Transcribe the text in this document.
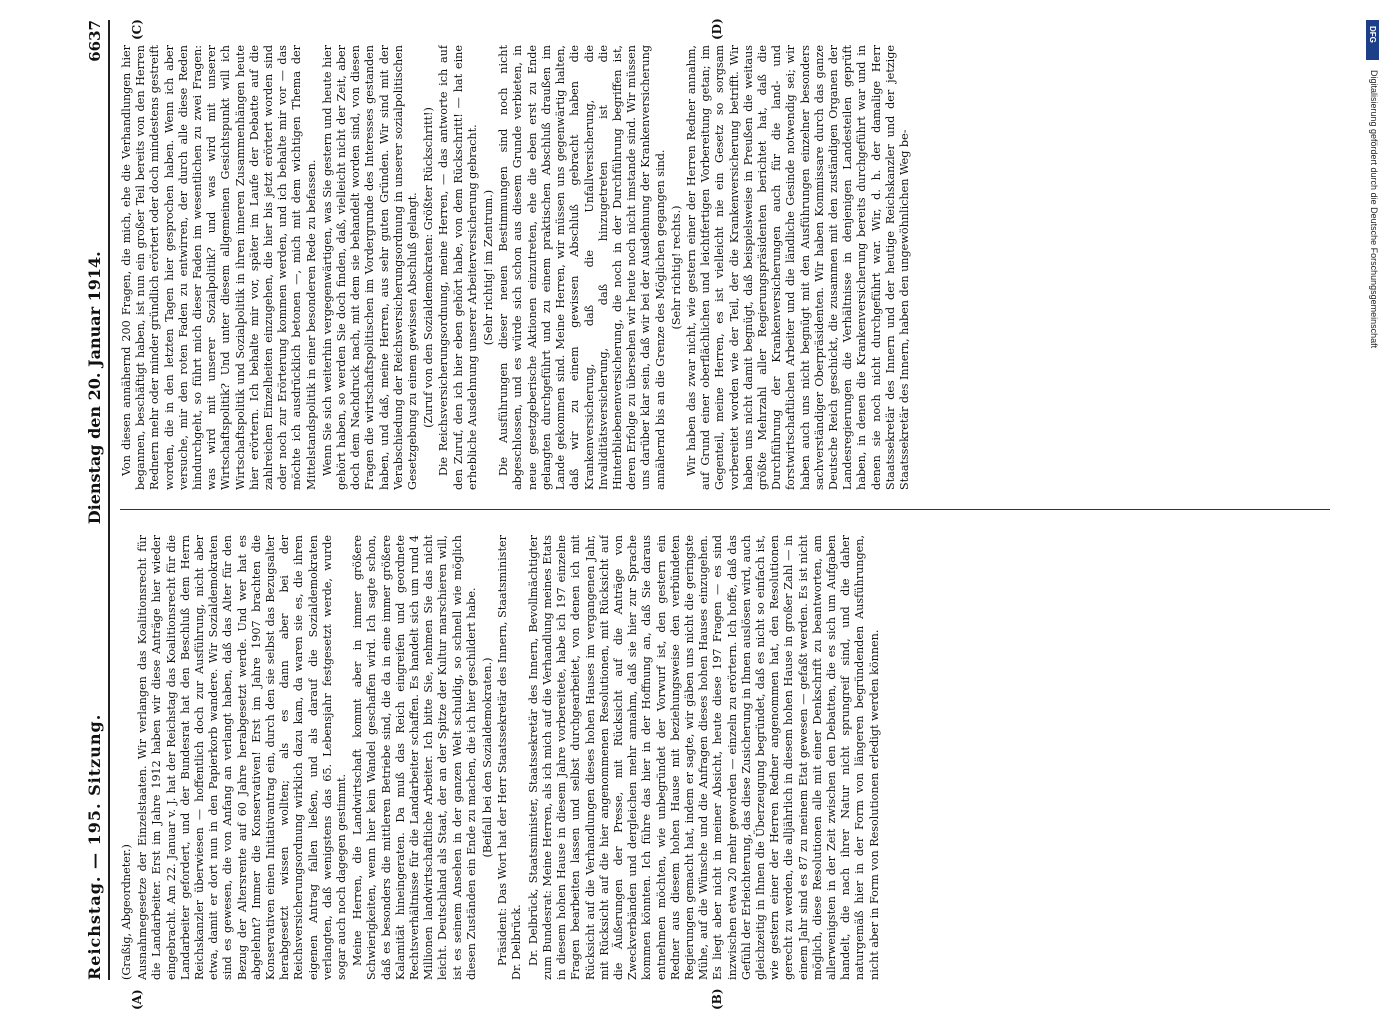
Reichstag. — 195. Sitzung.
Dienstag den 20. Januar 1914.
6637
(A)	(B)
(C)	(D)

(Graßig, Abgeordneter.) Ausnahmegesetze der Einzelstaaten. Wir verlangen das Koalitionsrecht für die Landarbeiter. Erst im Jahre 1912 haben wir diese Anträge hier wieder eingebracht. Am 22. Januar v. J. hat der Reichstag das Koalitionsrecht für die Landarbeiter gefordert, und der Bundesrat hat den Beschluß dem Herrn Reichskanzler überwiesen — hoffentlich doch zur Ausführung, nicht aber etwa, damit er dort nun in den Papierkorb wandere. Wir Sozialdemokraten sind es gewesen, die von Anfang an verlangt haben, daß das Alter für den Bezug der Altersrente auf 60 Jahre herabgesetzt werde. Und wer hat es abgelehnt? Immer die Konservativen! Erst im Jahre 1907 brachten die Konservativen einen Initiativantrag ein, durch den sie selbst das Bezugsalter herabgesetzt wissen wollten; als es dann aber bei der Reichsversicherungsordnung wirklich dazu kam, da waren sie es, die ihren eigenen Antrag fallen ließen, und als darauf die Sozialdemokraten verlangten, daß wenigstens das 65. Lebensjahr festgesetzt werde, wurde sogar auch noch dagegen gestimmt. Meine Herren, die Landwirtschaft kommt aber in immer größere Schwierigkeiten, wenn hier kein Wandel geschaffen wird. Ich sagte schon, daß es besonders die mittleren Betriebe sind, die da in eine immer größere Kalamität hineingeraten. Da muß das Reich eingreifen und geordnete Rechtsverhältnisse für die Landarbeiter schaffen. Es handelt sich um rund 4 Millionen landwirtschaftliche Arbeiter. Ich bitte Sie, nehmen Sie das nicht leicht. Deutschland als Staat, der an der Spitze der Kultur marschieren will, ist es seinem Ansehen in der ganzen Welt schuldig, so schnell wie möglich diesen Zuständen ein Ende zu machen, die ich hier geschildert habe. (Beifall bei den Sozialdemokraten.) Präsident: Das Wort hat der Herr Staatssekretär des Innern, Staatsminister Dr. Delbrück. Dr. Delbrück, Staatsminister, Staatssekretär des Innern, Bevollmächtigter zum Bundesrat: Meine Herren, als ich mich auf die Verhandlung meines Etats in diesem hohen Hause in diesem Jahre vorbereitete, habe ich 197 einzelne Fragen bearbeiten lassen und selbst durchgearbeitet, von denen ich mit Rücksicht auf die Verhandlungen dieses hohen Hauses im vergangenen Jahr, mit Rücksicht auf die hier angenommenen Resolutionen, mit Rücksicht auf die Äußerungen der Presse, mit Rücksicht auf die Anträge von Zweckverbänden und dergleichen mehr annahm, daß sie hier zur Sprache kommen könnten. Ich führe das hier in der Hoffnung an, daß Sie daraus entnehmen möchten, wie unbegründet der Vorwurf ist, den gestern ein Redner aus diesem hohen Hause mit beziehungsweise den verbündeten Regierungen gemacht hat, indem er sagte, wir gäben uns nicht die geringste Mühe, auf die Wünsche und die Anfragen dieses hohen Hauses einzugehen. Es liegt aber nicht in meiner Absicht, heute diese 197 Fragen — es sind inzwischen etwa 20 mehr geworden — einzeln zu erörtern. Ich hoffe, daß das Gefühl der Erleichterung, das diese Zusicherung in Ihnen auslösen wird, auch gleichzeitig in Ihnen die Überzeugung begründet, daß es nicht so einfach ist, wie gestern einer der Herren Redner angenommen hat, den Resolutionen gerecht zu werden, die alljährlich in diesem hohen Hause in großer Zahl — in einem Jahr sind es 87 zu meinem Etat gewesen — gefaßt werden. Es ist nicht möglich, diese Resolutionen alle mit einer Denkschrift zu beantworten, am allerwenigsten in der Zeit zwischen den Debatten, die es sich um Aufgaben handelt, die nach ihrer Natur nicht sprungreif sind, und die daher naturgemäß hier in der Form von längeren begründenden Ausführungen, nicht aber in Form von Resolutionen erledigt werden können.

Von diesen annähernd 200 Fragen, die mich, ehe die Verhandlungen hier begannen, beschäftigt haben, ist nun ein großer Teil bereits von den Herren Rednern mehr oder minder gründlich erörtert oder doch mindestens gestreift worden, die in den letzten Tagen hier gesprochen haben. Wenn ich aber versuche, mir den roten Faden zu entwirren, der durch alle diese Reden hindurchgeht, so führt mich dieser Faden im wesentlichen zu zwei Fragen: was wird mit unserer Sozialpolitik? und was wird mit unserer Wirtschaftspolitik? Und unter diesem allgemeinen Gesichtspunkt will ich Wirtschaftspolitik und Sozialpolitik in ihren inneren Zusammenhängen heute hier erörtern. Ich behalte mir vor, später im Laufe der Debatte auf die zahlreichen Einzelheiten einzugehen, die hier bis jetzt erörtert worden sind oder noch zur Erörterung kommen werden, und ich behalte mir vor — das möchte ich ausdrücklich betonen —, mich mit dem wichtigen Thema der Mittelstandspolitik in einer besonderen Rede zu befassen. Wenn Sie sich weiterhin vergegenwärtigen, was Sie gestern und heute hier gehört haben, so werden Sie doch finden, daß, vielleicht nicht der Zeit, aber doch dem Nachdruck nach, mit dem sie behandelt worden sind, von diesen Fragen die wirtschaftspolitischen im Vordergrunde des Interesses gestanden haben, und daß, meine Herren, aus sehr guten Gründen. Wir sind mit der Verabschiedung der Reichsversicherungsordnung in unserer sozialpolitischen Gesetzgebung zu einem gewissen Abschluß gelangt. (Zuruf von den Sozialdemokraten: Größter Rückschritt!) Die Reichsversicherungsordnung, meine Herren, — das antworte ich auf den Zuruf, den ich hier eben gehört habe, von dem Rückschritt! — hat eine erhebliche Ausdehnung unserer Arbeiterversicherung gebracht. (Sehr richtig! im Zentrum.) Die Ausführungen dieser neuen Bestimmungen sind noch nicht abgeschlossen, und es würde sich schon aus diesem Grunde verbieten, in neue gesetzgeberische Aktionen einzutreten, ehe die eben erst zu Ende gelangten durchgeführt und zu einem praktischen Abschluß draußen im Lande gekommen sind. Meine Herren, wir müssen uns gegenwärtig halten, daß wir zu einem gewissen Abschluß gebracht haben die Krankenversicherung, daß die Unfallversicherung, die Invaliditätsversicherung, daß hinzugetreten ist die Hinterbliebenenversicherung, die noch in der Durchführung begriffen ist, deren Erfolge zu übersehen wir heute noch nicht imstande sind. Wir müssen uns darüber klar sein, daß wir bei der Ausdehnung der Krankenversicherung annähernd bis an die Grenze des Möglichen gegangen sind. (Sehr richtig! rechts.) Wir haben das zwar nicht, wie gestern einer der Herren Redner annahm, auf Grund einer oberflächlichen und leichtfertigen Vorbereitung getan; im Gegenteil, meine Herren, es ist vielleicht nie ein Gesetz so sorgsam vorbereitet worden wie der Teil, der die Krankenversicherung betrifft. Wir haben uns nicht damit begnügt, daß beispielsweise in Preußen die weitaus größte Mehrzahl aller Regierungspräsidenten berichtet hat, daß die Durchführung der Krankenversicherungen auch für die land- und forstwirtschaftlichen Arbeiter und die ländliche Gesinde notwendig sei; wir haben auch uns nicht begnügt mit den Ausführungen einzelner besonders sachverständiger Oberpräsidenten. Wir haben Kommissare durch das ganze Deutsche Reich geschickt, die zusammen mit den zuständigen Organen der Landesregierungen die Verhältnisse in denjenigen Landesteilen geprüft haben, in denen die Krankenversicherung bereits durchgeführt war und in denen sie noch nicht durchgeführt war. Wir, d. h. der damalige Herr Staatssekretär des Innern und der heutige Reichskanzler und der jetzige Staatssekretär des Innern, haben den ungewöhnlichen Weg be-

DFG
Digitalisierung gefördert durch die Deutsche Forschungsgemeinschaft
